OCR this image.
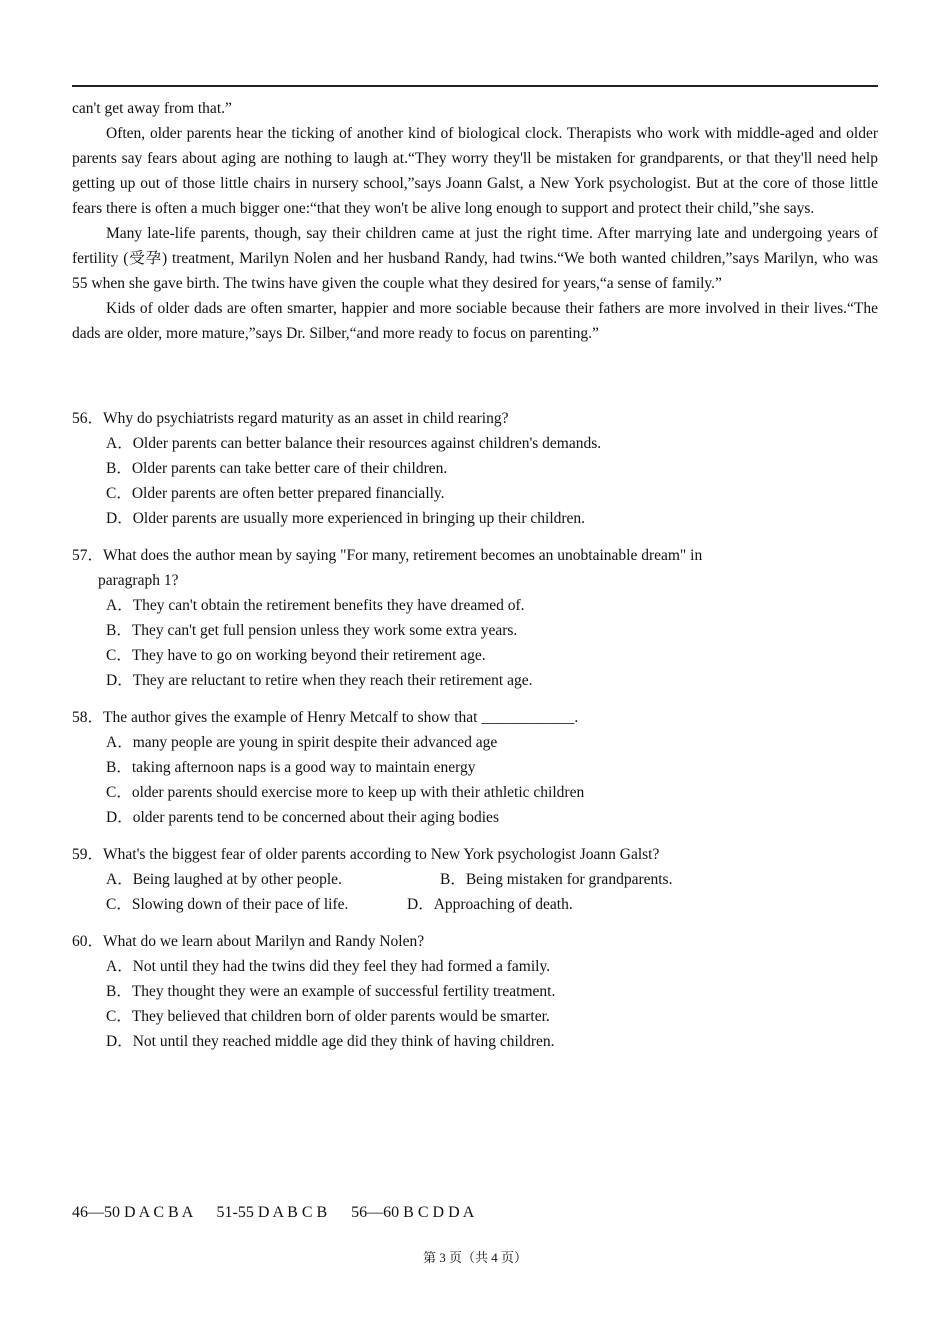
can't get away from that.”

Often, older parents hear the ticking of another kind of biological clock. Therapists who work with middle-aged and older parents say fears about aging are nothing to laugh at.“They worry they'll be mistaken for grandparents, or that they'll need help getting up out of those little chairs in nursery school,”says Joann Galst, a New York psychologist. But at the core of those little fears there is often a much bigger one:“that they won't be alive long enough to support and protect their child,”she says.

Many late-life parents, though, say their children came at just the right time. After marrying late and undergoing years of fertility (受孕) treatment, Marilyn Nolen and her husband Randy, had twins.“We both wanted children,”says Marilyn, who was 55 when she gave birth. The twins have given the couple what they desired for years,“a sense of family.”

Kids of older dads are often smarter, happier and more sociable because their fathers are more involved in their lives.“The dads are older, more mature,”says Dr. Silber,“and more ready to focus on parenting.”

56．Why do psychiatrists regard maturity as an asset in child rearing?
A．Older parents can better balance their resources against children's demands.
B．Older parents can take better care of their children.
C．Older parents are often better prepared financially.
D．Older parents are usually more experienced in bringing up their children.
57．What does the author mean by saying "For many, retirement becomes an unobtainable dream" in
paragraph 1?
A．They can't obtain the retirement benefits they have dreamed of.
B．They can't get full pension unless they work some extra years.
C．They have to go on working beyond their retirement age.
D．They are reluctant to retire when they reach their retirement age.
58．The author gives the example of Henry Metcalf to show that ____________.
A．many people are young in spirit despite their advanced age
B．taking afternoon naps is a good way to maintain energy
C．older parents should exercise more to keep up with their athletic children
D．older parents tend to be concerned about their aging bodies
59．What's the biggest fear of older parents according to New York psychologist Joann Galst?
A．Being laughed at by other people.	B．Being mistaken for grandparents.
C．Slowing down of their pace of life.	D．Approaching of death.
60．What do we learn about Marilyn and Randy Nolen?
A．Not until they had the twins did they feel they had formed a family.
B．They thought they were an example of successful fertility treatment.
C．They believed that children born of older parents would be smarter.
D．Not until they reached middle age did they think of having children.
46—50 D A C B A 51-55 D A B C B 56—60 B C D D A
第 3 页（共 4 页）
